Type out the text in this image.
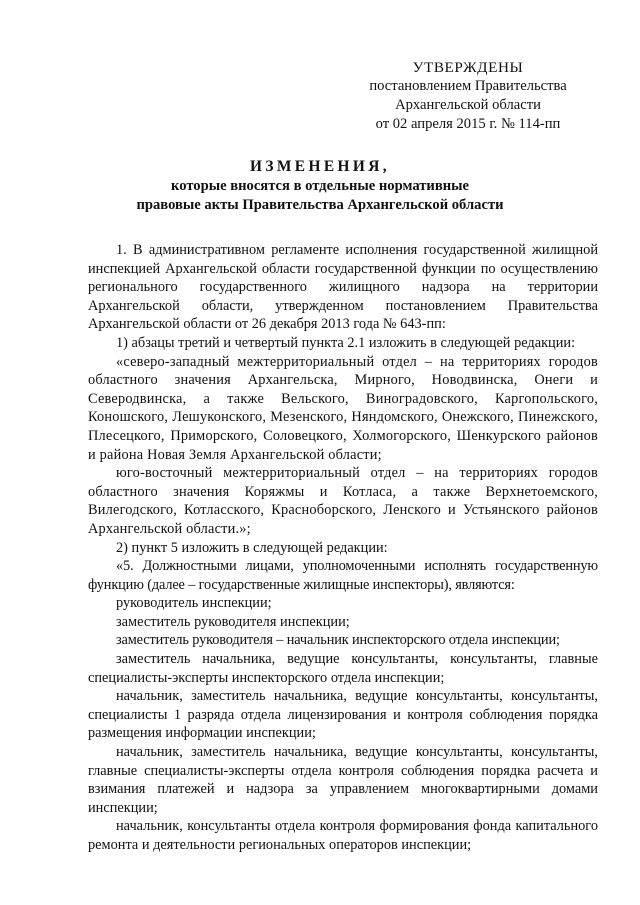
УТВЕРЖДЕНЫ
постановлением Правительства
Архангельской области
от 02 апреля 2015 г. № 114-пп
ИЗМЕНЕНИЯ,
которые вносятся в отдельные нормативные
правовые акты Правительства Архангельской области

1. В административном регламенте исполнения государственной жилищной инспекцией Архангельской области государственной функции по осуществлению регионального государственного жилищного надзора на территории Архангельской области, утвержденном постановлением Правительства Архангельской области от 26 декабря 2013 года № 643-пп:

1) абзацы третий и четвертый пункта 2.1 изложить в следующей редакции:

«северо-западный межтерриториальный отдел – на территориях городов областного значения Архангельска, Мирного, Новодвинска, Онеги и Северодвинска, а также Вельского, Виноградовского, Каргопольского, Коношского, Лешуконского, Мезенского, Няндомского, Онежского, Пинежского, Плесецкого, Приморского, Соловецкого, Холмогорского, Шенкурского районов и района Новая Земля Архангельской области;

юго-восточный межтерриториальный отдел – на территориях городов областного значения Коряжмы и Котласа, а также Верхнетоемского, Вилегодского, Котласского, Красноборского, Ленского и Устьянского районов Архангельской области.»;

2) пункт 5 изложить в следующей редакции:

«5. Должностными лицами, уполномоченными исполнять государственную функцию (далее – государственные жилищные инспекторы), являются:

руководитель инспекции;

заместитель руководителя инспекции;

заместитель руководителя – начальник инспекторского отдела инспекции;

заместитель начальника, ведущие консультанты, консультанты, главные специалисты-эксперты инспекторского отдела инспекции;

начальник, заместитель начальника, ведущие консультанты, консультанты, специалисты 1 разряда отдела лицензирования и контроля соблюдения порядка размещения информации инспекции;

начальник, заместитель начальника, ведущие консультанты, консультанты, главные специалисты-эксперты отдела контроля соблюдения порядка расчета и взимания платежей и надзора за управлением многоквартирными домами инспекции;

начальник, консультанты отдела контроля формирования фонда капитального ремонта и деятельности региональных операторов инспекции;
